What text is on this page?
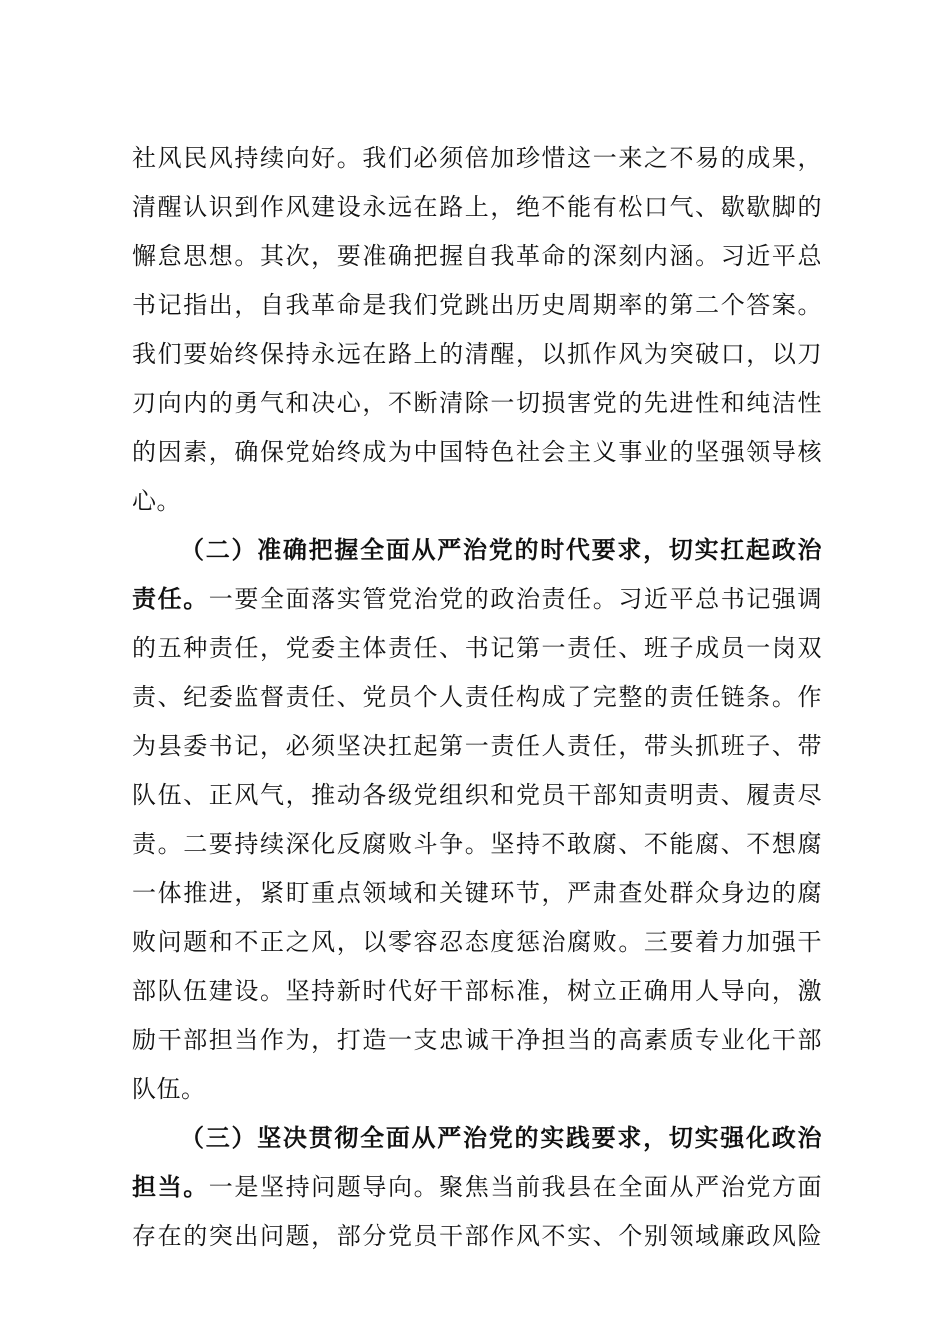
社风民风持续向好。我们必须倍加珍惜这一来之不易的成果，
清醒认识到作风建设永远在路上，绝不能有松口气、歇歇脚的
懈怠思想。其次，要准确把握自我革命的深刻内涵。习近平总
书记指出，自我革命是我们党跳出历史周期率的第二个答案。
我们要始终保持永远在路上的清醒，以抓作风为突破口，以刀
刃向内的勇气和决心，不断清除一切损害党的先进性和纯洁性
的因素，确保党始终成为中国特色社会主义事业的坚强领导核
心。
（二）准确把握全面从严治党的时代要求，切实扛起政治
责任。一要全面落实管党治党的政治责任。习近平总书记强调
的五种责任，党委主体责任、书记第一责任、班子成员一岗双
责、纪委监督责任、党员个人责任构成了完整的责任链条。作
为县委书记，必须坚决扛起第一责任人责任，带头抓班子、带
队伍、正风气，推动各级党组织和党员干部知责明责、履责尽
责。二要持续深化反腐败斗争。坚持不敢腐、不能腐、不想腐
一体推进，紧盯重点领域和关键环节，严肃查处群众身边的腐
败问题和不正之风，以零容忍态度惩治腐败。三要着力加强干
部队伍建设。坚持新时代好干部标准，树立正确用人导向，激
励干部担当作为，打造一支忠诚干净担当的高素质专业化干部
队伍。
（三）坚决贯彻全面从严治党的实践要求，切实强化政治
担当。一是坚持问题导向。聚焦当前我县在全面从严治党方面
存在的突出问题，部分党员干部作风不实、个别领域廉政风险
